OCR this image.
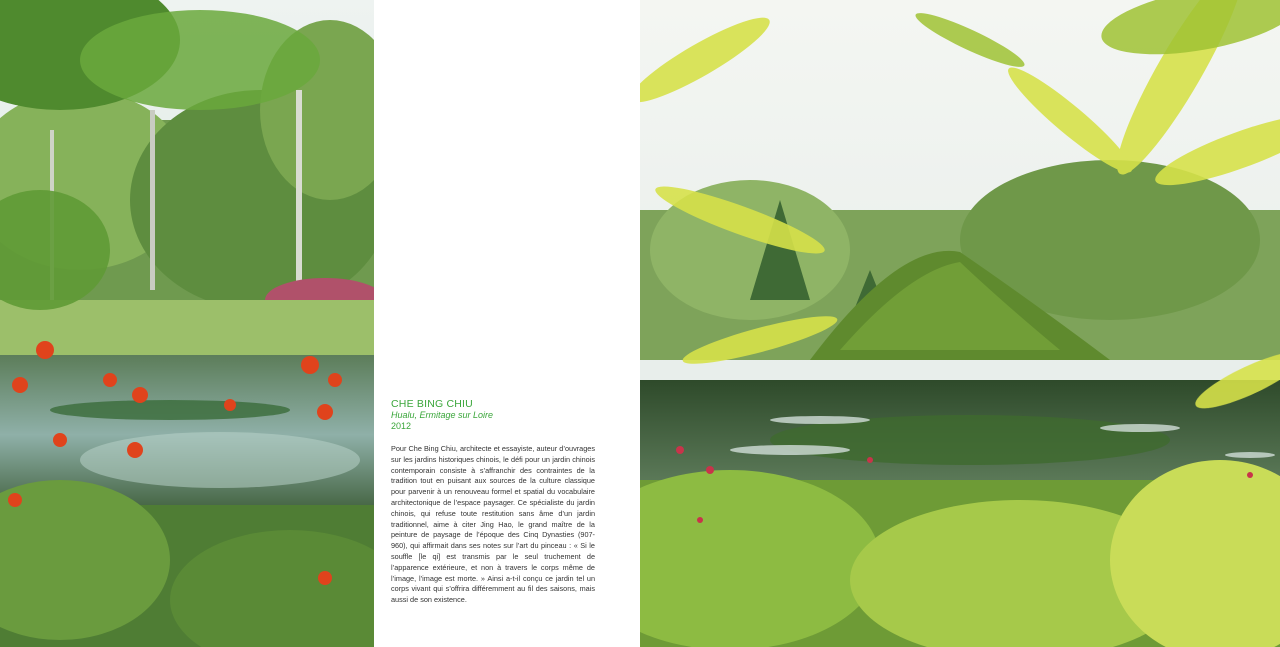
CHE BING CHIU

Hualu, Ermitage sur Loire

2012

Pour Che Bing Chiu, architecte et essayiste, auteur d’ouvrages sur les jardins historiques chinois, le défi pour un jardin chinois contemporain consiste à s’affranchir des contraintes de la tradition tout en puisant aux sources de la culture classique pour parvenir à un renouveau formel et spatial du vocabulaire architectonique de l’espace paysager. Ce spécialiste du jardin chinois, qui refuse toute restitution sans âme d’un jardin traditionnel, aime à citer Jing Hao, le grand maître de la peinture de paysage de l’époque des Cinq Dynasties (907-960), qui affirmait dans ses notes sur l’art du pinceau : « Si le souffle [le qi] est transmis par le seul truchement de l’apparence extérieure, et non à travers le corps même de l’image, l’image est morte. » Ainsi a-t-il conçu ce jardin tel un corps vivant qui s’offrira différemment au fil des saisons, mais aussi de son existence.
